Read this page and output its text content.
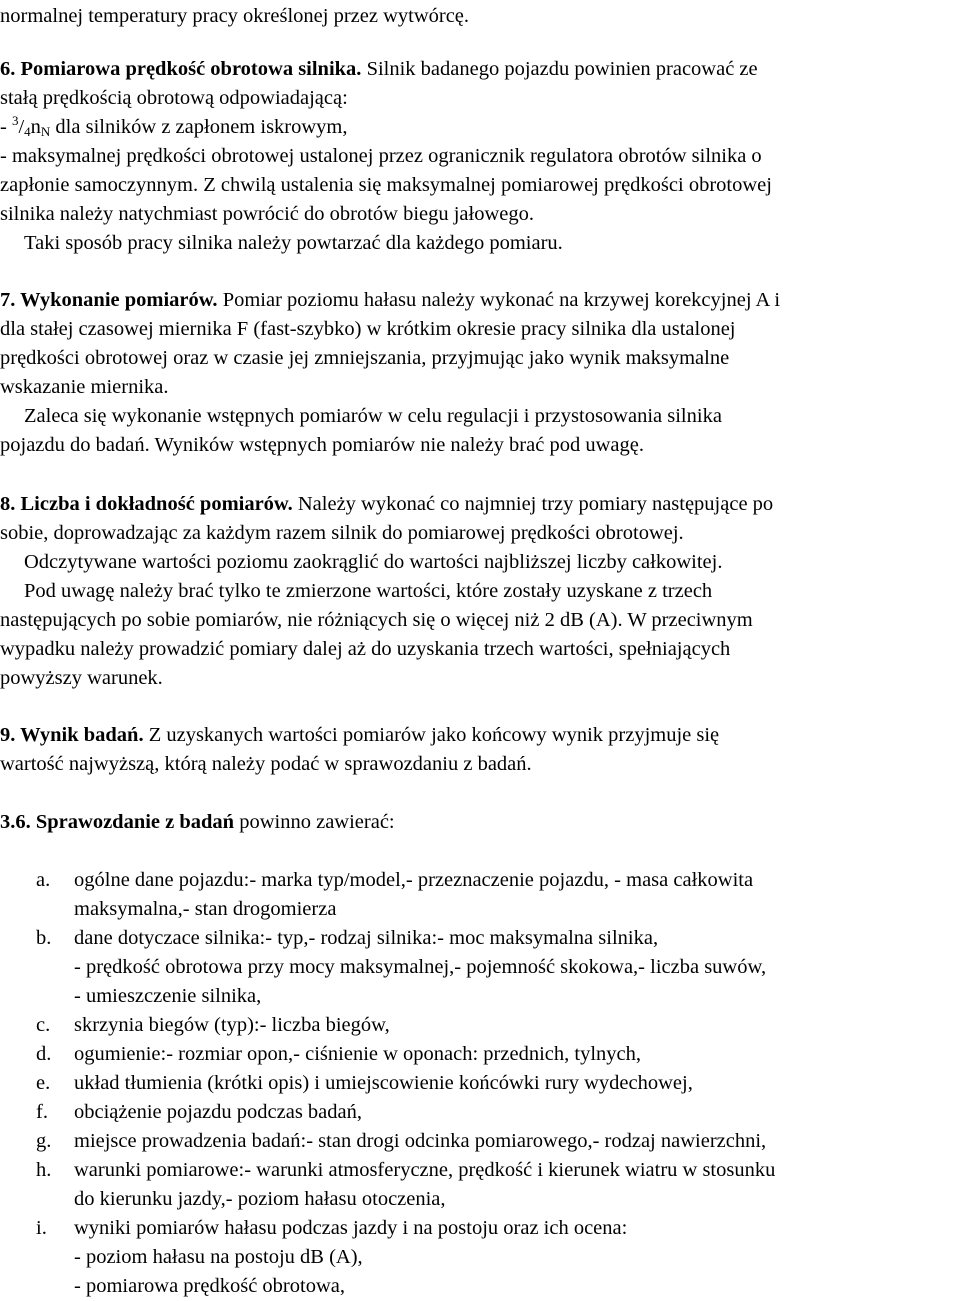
normalnej temperatury pracy określonej przez wytwórcę.
6. Pomiarowa prędkość obrotowa silnika. Silnik badanego pojazdu powinien pracować ze
stałą prędkością obrotową odpowiadającą:
- $^3/_4n_N$ dla silników z zapłonem iskrowym,
- maksymalnej prędkości obrotowej ustalonej przez ogranicznik regulatora obrotów silnika o
zapłonie samoczynnym. Z chwilą ustalenia się maksymalnej pomiarowej prędkości obrotowej
silnika należy natychmiast powrócić do obrotów biegu jałowego.
Taki sposób pracy silnika należy powtarzać dla każdego pomiaru.
7. Wykonanie pomiarów. Pomiar poziomu hałasu należy wykonać na krzywej korekcyjnej A i
dla stałej czasowej miernika F (fast-szybko) w krótkim okresie pracy silnika dla ustalonej
prędkości obrotowej oraz w czasie jej zmniejszania, przyjmując jako wynik maksymalne
wskazanie miernika.
Zaleca się wykonanie wstępnych pomiarów w celu regulacji i przystosowania silnika
pojazdu do badań. Wyników wstępnych pomiarów nie należy brać pod uwagę.
8. Liczba i dokładność pomiarów. Należy wykonać co najmniej trzy pomiary następujące po
sobie, doprowadzając za każdym razem silnik do pomiarowej prędkości obrotowej.
Odczytywane wartości poziomu zaokrąglić do wartości najbliższej liczby całkowitej.
Pod uwagę należy brać tylko te zmierzone wartości, które zostały uzyskane z trzech
następujących po sobie pomiarów, nie różniących się o więcej niż 2 dB (A). W przeciwnym
wypadku należy prowadzić pomiary dalej aż do uzyskania trzech wartości, spełniających
powyższy warunek.
9. Wynik badań. Z uzyskanych wartości pomiarów jako końcowy wynik przyjmuje się
wartość najwyższą, którą należy podać w sprawozdaniu z badań.
3.6. Sprawozdanie z badań powinno zawierać:
a.	ogólne dane pojazdu:- marka typ/model,- przeznaczenie pojazdu, - masa całkowita
maksymalna,- stan drogomierza
b.	dane dotyczace silnika:- typ,- rodzaj silnika:- moc maksymalna silnika,
- prędkość obrotowa przy mocy maksymalnej,- pojemność skokowa,- liczba suwów,
- umieszczenie silnika,
c.	skrzynia biegów (typ):- liczba biegów,
d.	ogumienie:- rozmiar opon,- ciśnienie w oponach: przednich, tylnych,
e.	układ tłumienia (krótki opis) i umiejscowienie końcówki rury wydechowej,
f.	obciążenie pojazdu podczas badań,
g.	miejsce prowadzenia badań:- stan drogi odcinka pomiarowego,- rodzaj nawierzchni,
h.	warunki pomiarowe:- warunki atmosferyczne, prędkość i kierunek wiatru w stosunku
do kierunku jazdy,- poziom hałasu otoczenia,
i.	wyniki pomiarów hałasu podczas jazdy i na postoju oraz ich ocena:
- poziom hałasu na postoju dB (A),
- pomiarowa prędkość obrotowa,
